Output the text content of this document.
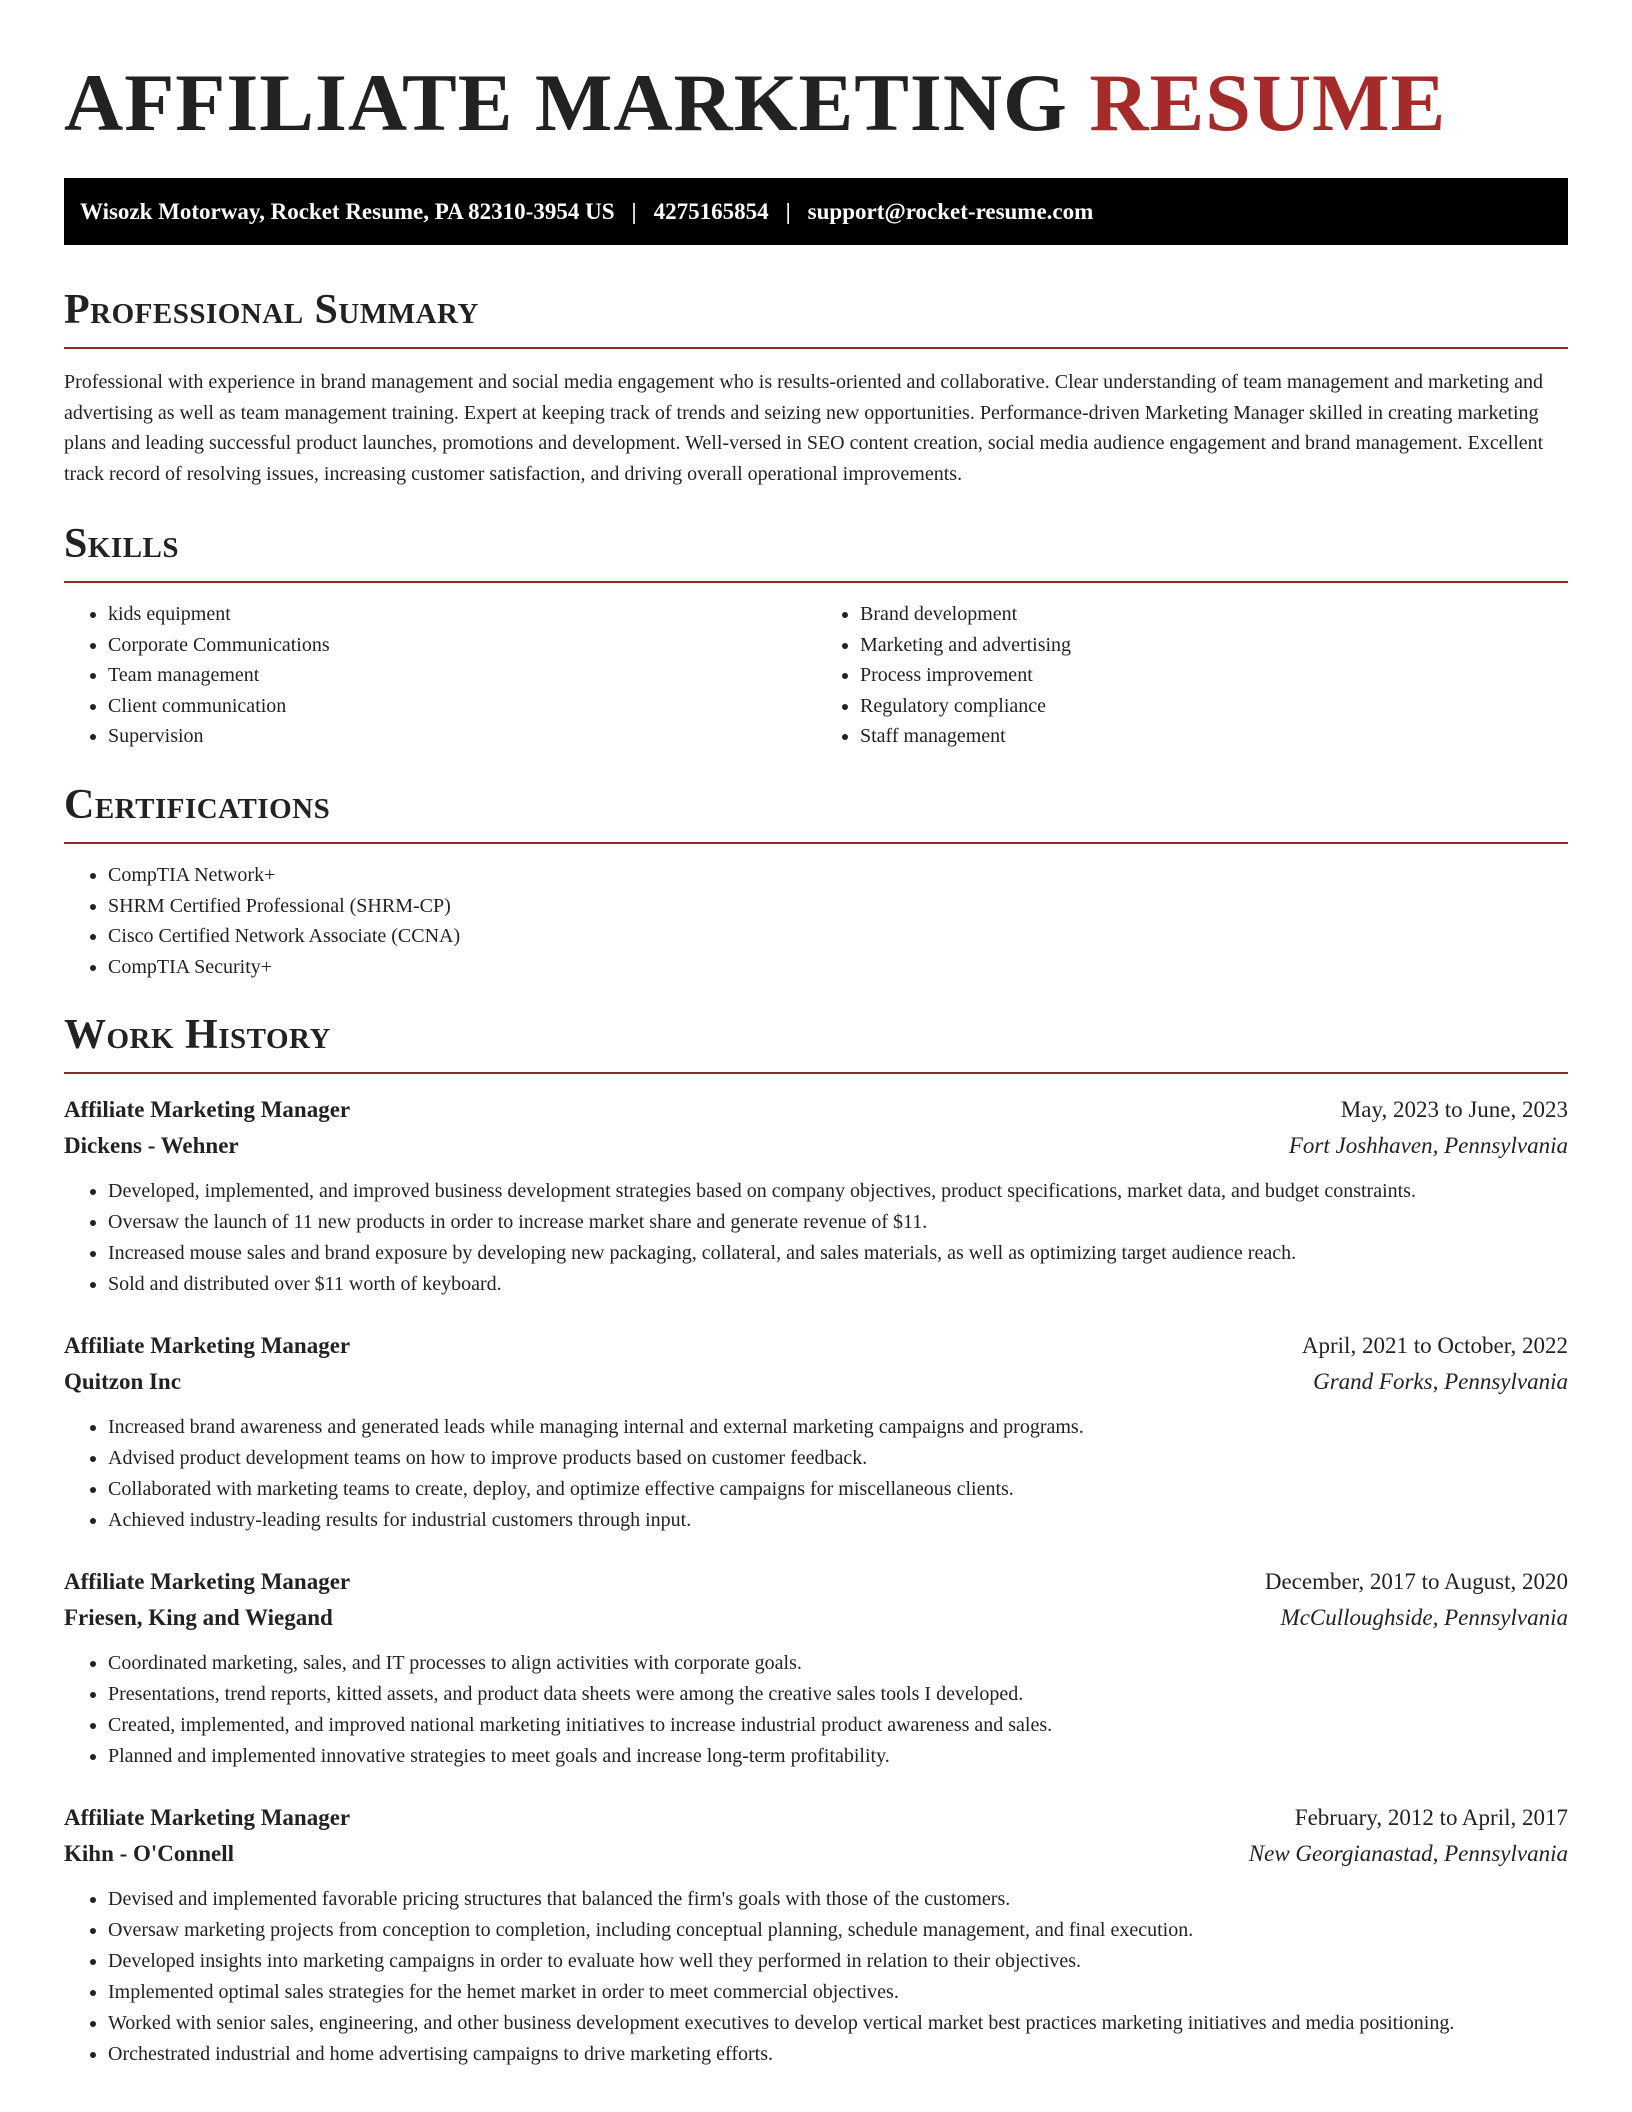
AFFILIATE MARKETING RESUME
Wisozk Motorway, Rocket Resume, PA 82310-3954 US | 4275165854 | support@rocket-resume.com
Professional Summary

Professional with experience in brand management and social media engagement who is results-oriented and collaborative. Clear understanding of team management and marketing and advertising as well as team management training. Expert at keeping track of trends and seizing new opportunities. Performance-driven Marketing Manager skilled in creating marketing plans and leading successful product launches, promotions and development. Well-versed in SEO content creation, social media audience engagement and brand management. Excellent track record of resolving issues, increasing customer satisfaction, and driving overall operational improvements.

Skills
• kids equipment
• Corporate Communications
• Team management
• Client communication
• Supervision
• Brand development
• Marketing and advertising
• Process improvement
• Regulatory compliance
• Staff management
Certifications
• CompTIA Network+
• SHRM Certified Professional (SHRM-CP)
• Cisco Certified Network Associate (CCNA)
• CompTIA Security+
Work History
Affiliate Marketing Manager	May, 2023 to June, 2023
Dickens - Wehner	Fort Joshhaven, Pennsylvania
• Developed, implemented, and improved business development strategies based on company objectives, product specifications, market data, and budget constraints.
• Oversaw the launch of 11 new products in order to increase market share and generate revenue of $11.
• Increased mouse sales and brand exposure by developing new packaging, collateral, and sales materials, as well as optimizing target audience reach.
• Sold and distributed over $11 worth of keyboard.
Affiliate Marketing Manager	April, 2021 to October, 2022
Quitzon Inc	Grand Forks, Pennsylvania
• Increased brand awareness and generated leads while managing internal and external marketing campaigns and programs.
• Advised product development teams on how to improve products based on customer feedback.
• Collaborated with marketing teams to create, deploy, and optimize effective campaigns for miscellaneous clients.
• Achieved industry-leading results for industrial customers through input.
Affiliate Marketing Manager	December, 2017 to August, 2020
Friesen, King and Wiegand	McCulloughside, Pennsylvania
• Coordinated marketing, sales, and IT processes to align activities with corporate goals.
• Presentations, trend reports, kitted assets, and product data sheets were among the creative sales tools I developed.
• Created, implemented, and improved national marketing initiatives to increase industrial product awareness and sales.
• Planned and implemented innovative strategies to meet goals and increase long-term profitability.
Affiliate Marketing Manager	February, 2012 to April, 2017
Kihn - O'Connell	New Georgianastad, Pennsylvania
• Devised and implemented favorable pricing structures that balanced the firm's goals with those of the customers.
• Oversaw marketing projects from conception to completion, including conceptual planning, schedule management, and final execution.
• Developed insights into marketing campaigns in order to evaluate how well they performed in relation to their objectives.
• Implemented optimal sales strategies for the hemet market in order to meet commercial objectives.
• Worked with senior sales, engineering, and other business development executives to develop vertical market best practices marketing initiatives and media positioning.
• Orchestrated industrial and home advertising campaigns to drive marketing efforts.
